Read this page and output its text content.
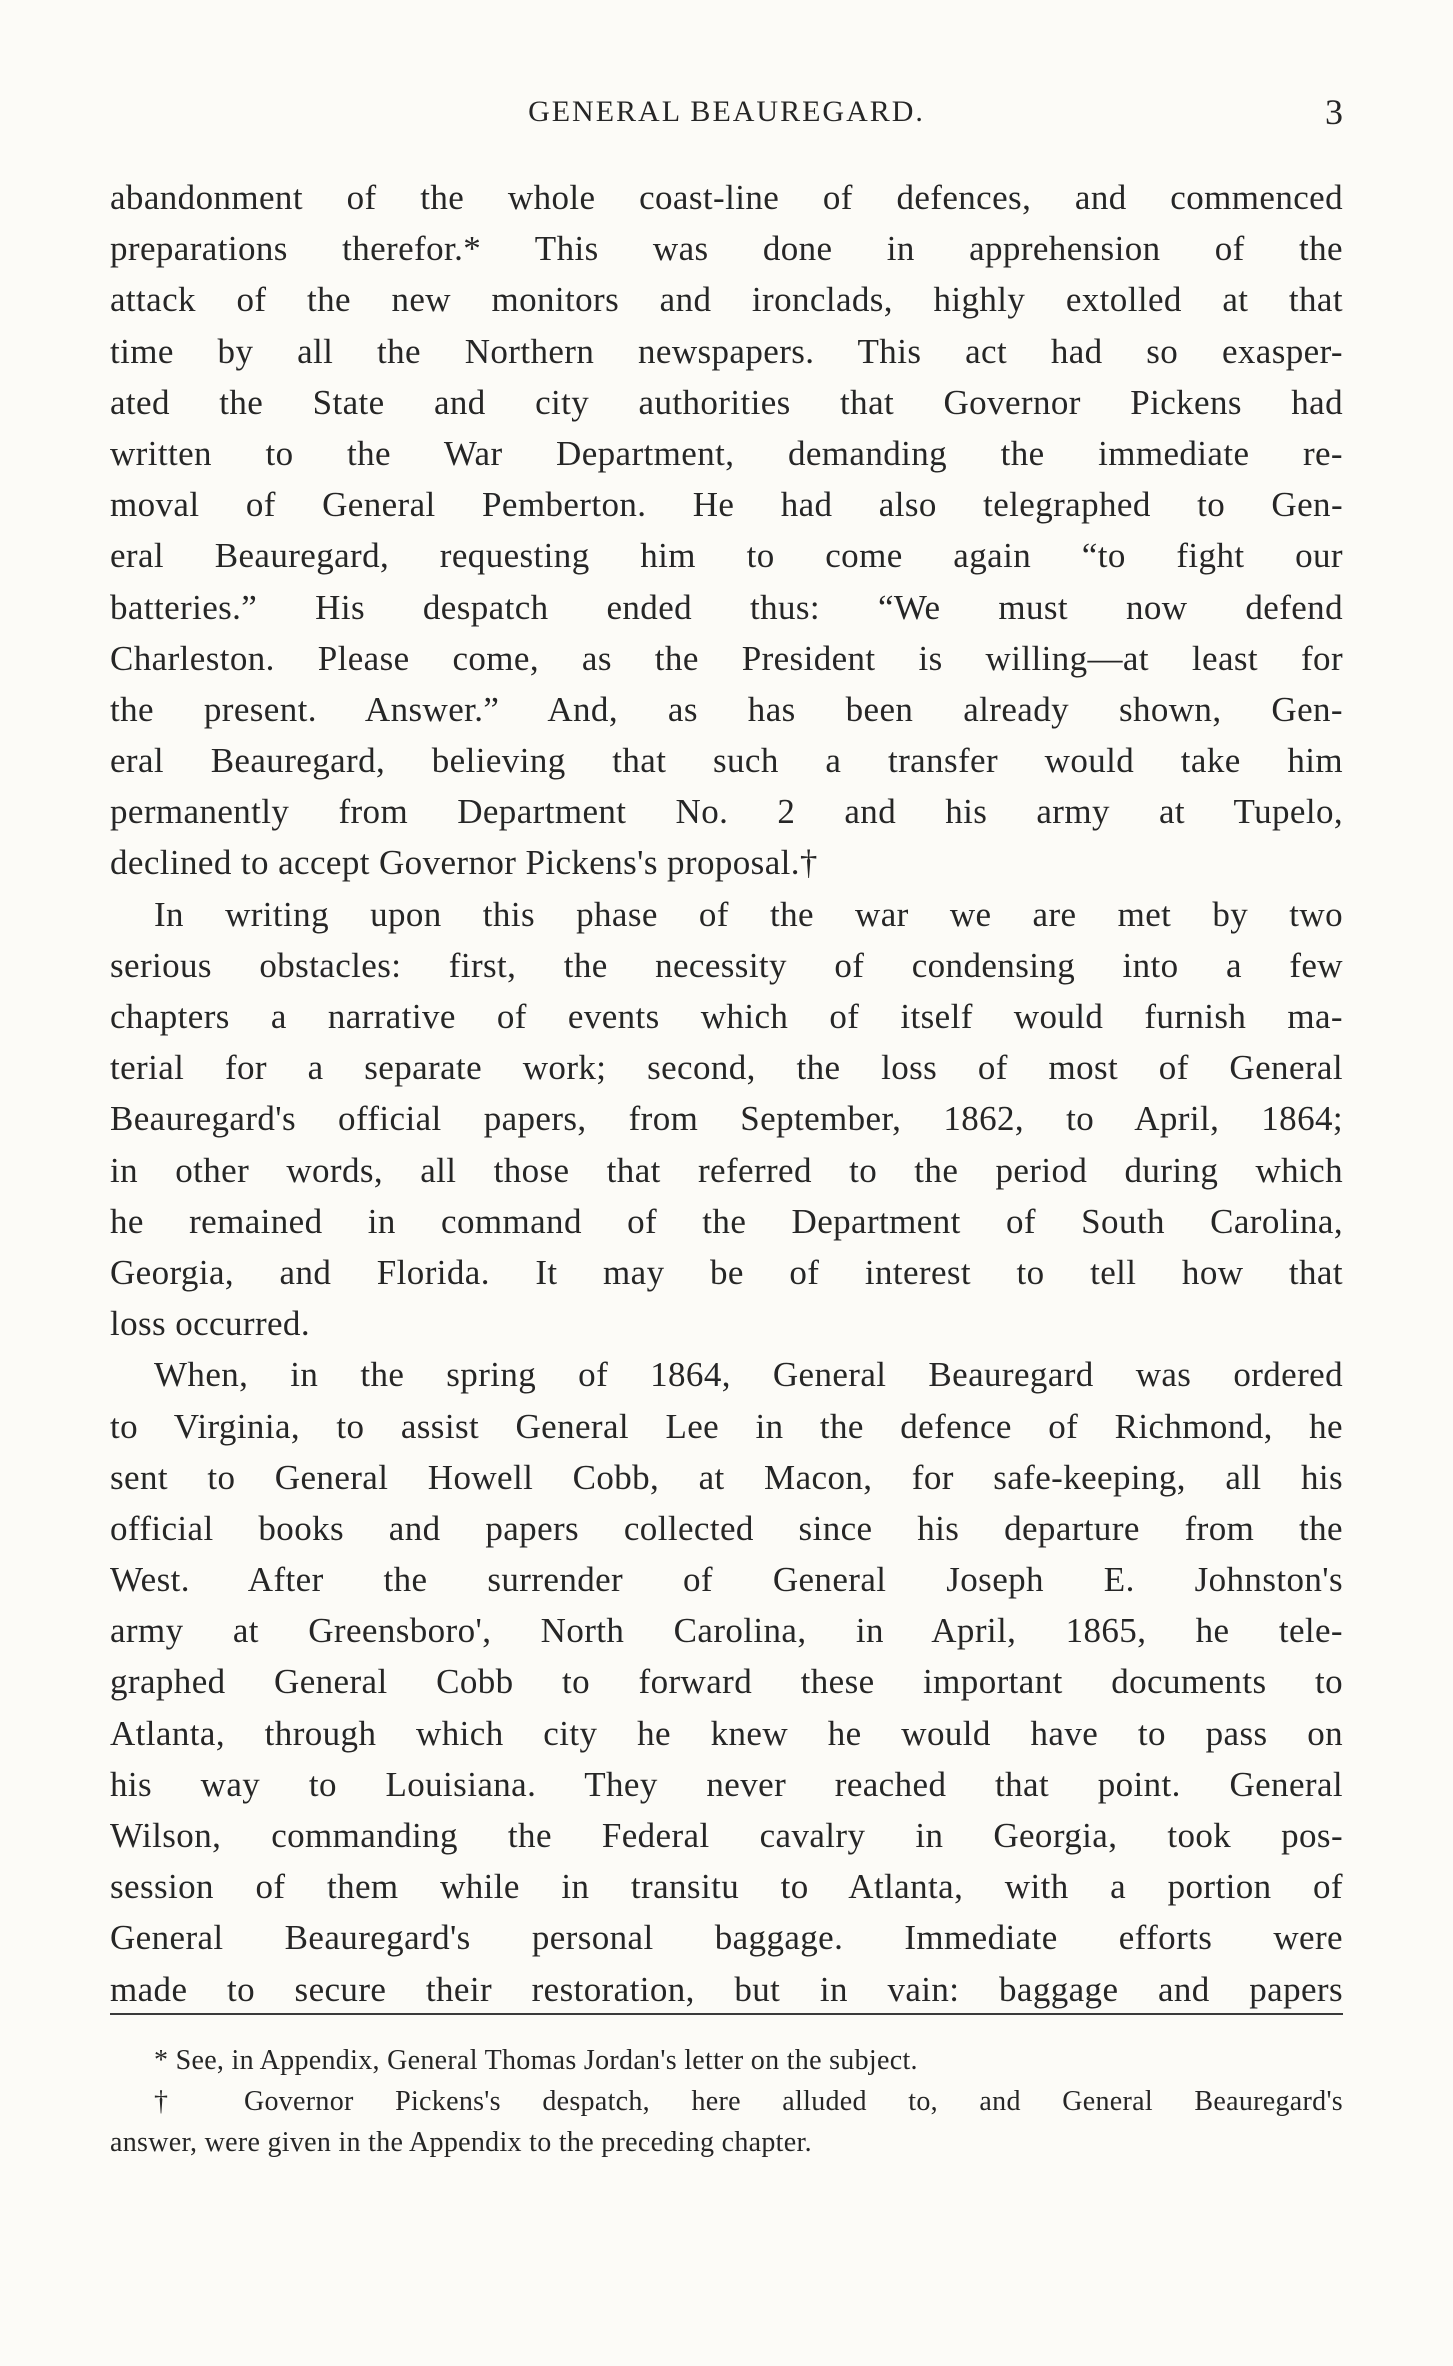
GENERAL BEAUREGARD.	3
abandonment of the whole coast-line of defences, and commenced
preparations therefor.* This was done in apprehension of the
attack of the new monitors and ironclads, highly extolled at that
time by all the Northern newspapers. This act had so exasper-
ated the State and city authorities that Governor Pickens had
written to the War Department, demanding the immediate re-
moval of General Pemberton. He had also telegraphed to Gen-
eral Beauregard, requesting him to come again “to fight our
batteries.” His despatch ended thus: “We must now defend
Charleston. Please come, as the President is willing—at least for
the present. Answer.” And, as has been already shown, Gen-
eral Beauregard, believing that such a transfer would take him
permanently from Department No. 2 and his army at Tupelo,
declined to accept Governor Pickens's proposal.†
In writing upon this phase of the war we are met by two
serious obstacles: first, the necessity of condensing into a few
chapters a narrative of events which of itself would furnish ma-
terial for a separate work; second, the loss of most of General
Beauregard's official papers, from September, 1862, to April, 1864;
in other words, all those that referred to the period during which
he remained in command of the Department of South Carolina,
Georgia, and Florida. It may be of interest to tell how that
loss occurred.
When, in the spring of 1864, General Beauregard was ordered
to Virginia, to assist General Lee in the defence of Richmond, he
sent to General Howell Cobb, at Macon, for safe-keeping, all his
official books and papers collected since his departure from the
West. After the surrender of General Joseph E. Johnston's
army at Greensboro', North Carolina, in April, 1865, he tele-
graphed General Cobb to forward these important documents to
Atlanta, through which city he knew he would have to pass on
his way to Louisiana. They never reached that point. General
Wilson, commanding the Federal cavalry in Georgia, took pos-
session of them while in transitu to Atlanta, with a portion of
General Beauregard's personal baggage. Immediate efforts were
made to secure their restoration, but in vain: baggage and papers
* See, in Appendix, General Thomas Jordan's letter on the subject.
† Governor Pickens's despatch, here alluded to, and General Beauregard's
answer, were given in the Appendix to the preceding chapter.
